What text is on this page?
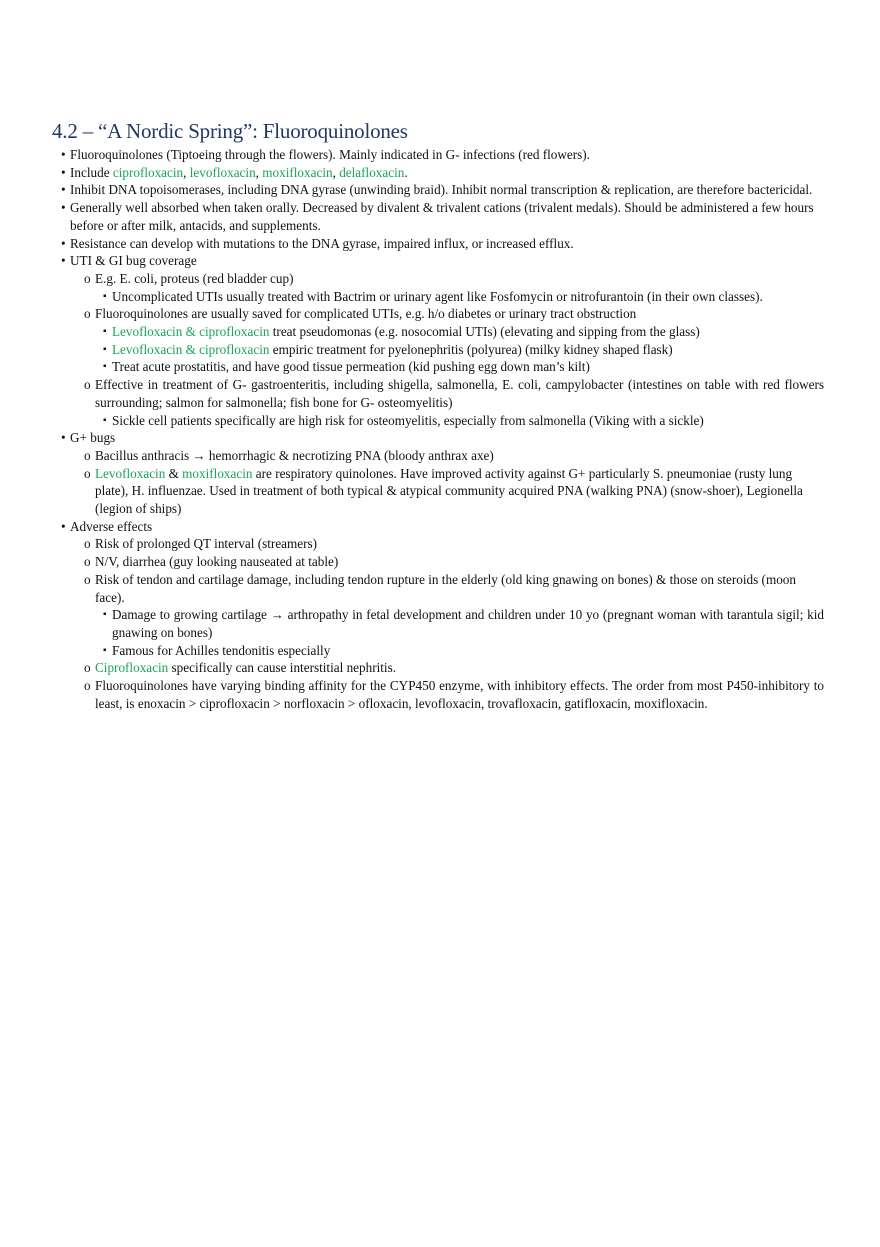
4.2 – “A Nordic Spring”: Fluoroquinolones
• Fluoroquinolones (Tiptoeing through the flowers). Mainly indicated in G- infections (red flowers).
• Include ciprofloxacin, levofloxacin, moxifloxacin, delafloxacin.
• Inhibit DNA topoisomerases, including DNA gyrase (unwinding braid). Inhibit normal transcription & replication, are therefore bactericidal.
• Generally well absorbed when taken orally. Decreased by divalent & trivalent cations (trivalent medals). Should be administered a few hours before or after milk, antacids, and supplements.
• Resistance can develop with mutations to the DNA gyrase, impaired influx, or increased efflux.
• UTI & GI bug coverage
o E.g. E. coli, proteus (red bladder cup)
▪ Uncomplicated UTIs usually treated with Bactrim or urinary agent like Fosfomycin or nitrofurantoin (in their own classes).
o Fluoroquinolones are usually saved for complicated UTIs, e.g. h/o diabetes or urinary tract obstruction
▪ Levofloxacin & ciprofloxacin treat pseudomonas (e.g. nosocomial UTIs) (elevating and sipping from the glass)
▪ Levofloxacin & ciprofloxacin empiric treatment for pyelonephritis (polyurea) (milky kidney shaped flask)
▪ Treat acute prostatitis, and have good tissue permeation (kid pushing egg down man’s kilt)
o Effective in treatment of G- gastroenteritis, including shigella, salmonella, E. coli, campylobacter (intestines on table with red flowers surrounding; salmon for salmonella; fish bone for G- osteomyelitis)
▪ Sickle cell patients specifically are high risk for osteomyelitis, especially from salmonella (Viking with a sickle)
• G+ bugs
o Bacillus anthracis → hemorrhagic & necrotizing PNA (bloody anthrax axe)
o Levofloxacin & moxifloxacin are respiratory quinolones. Have improved activity against G+ particularly S. pneumoniae (rusty lung plate), H. influenzae. Used in treatment of both typical & atypical community acquired PNA (walking PNA) (snow-shoer), Legionella (legion of ships)
• Adverse effects
o Risk of prolonged QT interval (streamers)
o N/V, diarrhea (guy looking nauseated at table)
o Risk of tendon and cartilage damage, including tendon rupture in the elderly (old king gnawing on bones) & those on steroids (moon face).
▪ Damage to growing cartilage → arthropathy in fetal development and children under 10 yo (pregnant woman with tarantula sigil; kid gnawing on bones)
▪ Famous for Achilles tendonitis especially
o Ciprofloxacin specifically can cause interstitial nephritis.
o Fluoroquinolones have varying binding affinity for the CYP450 enzyme, with inhibitory effects. The order from most P450-inhibitory to least, is enoxacin > ciprofloxacin > norfloxacin > ofloxacin, levofloxacin, trovafloxacin, gatifloxacin, moxifloxacin.
